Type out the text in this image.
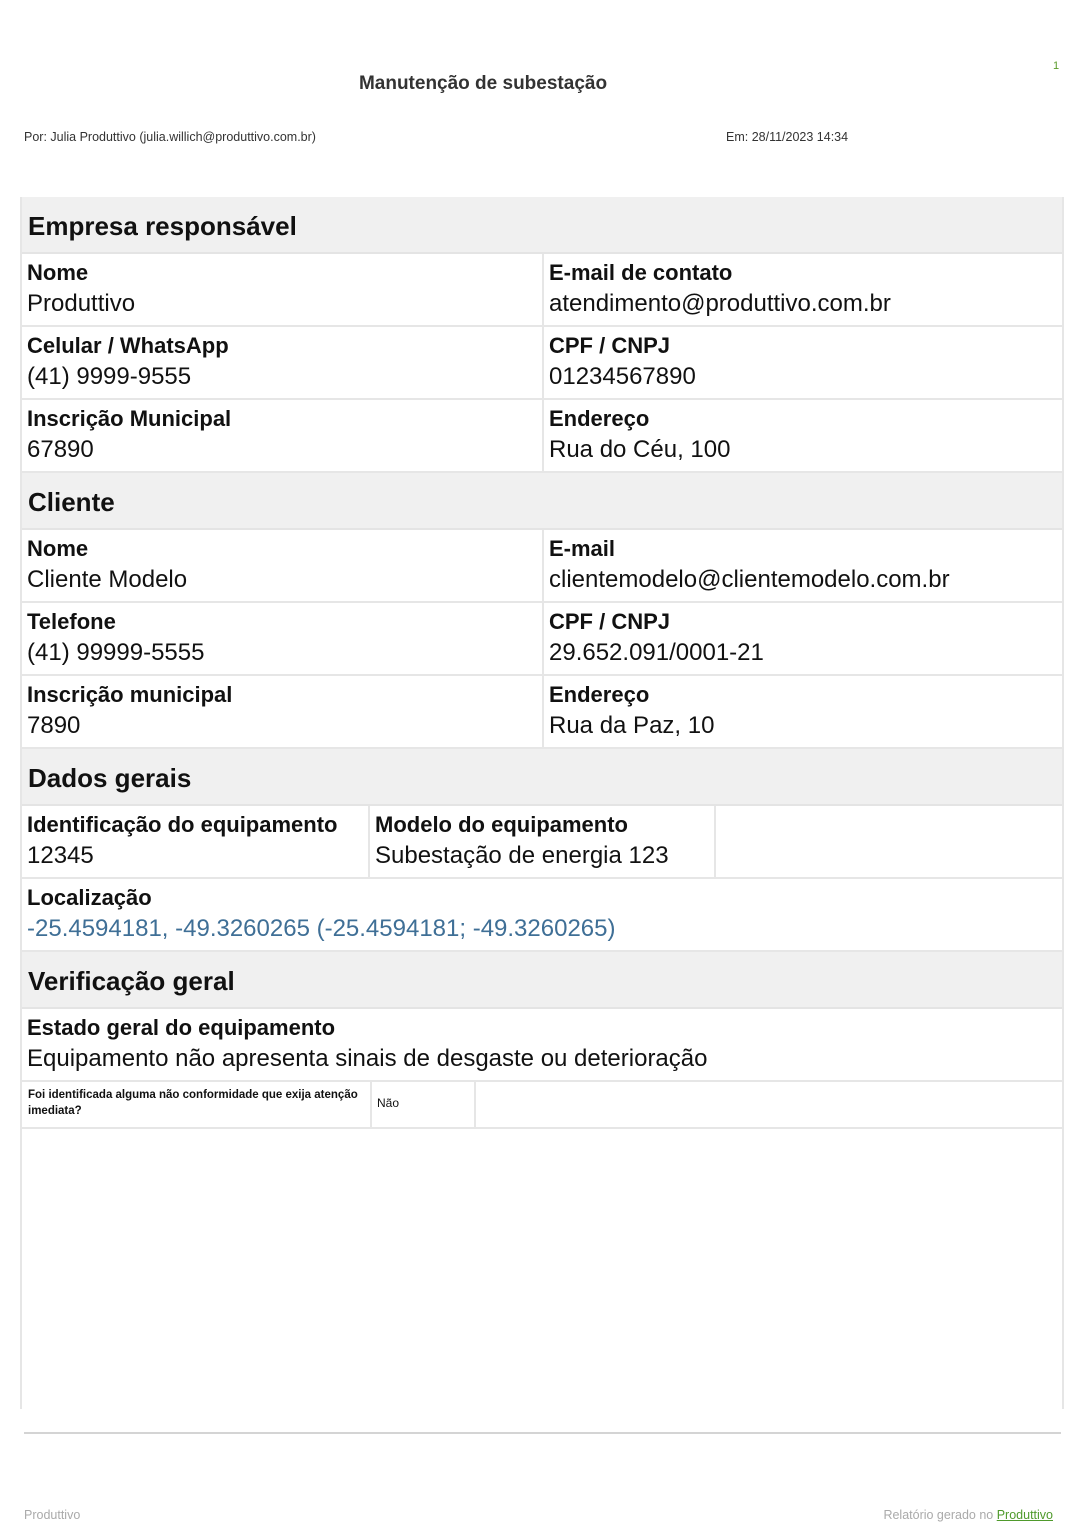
1
Manutenção de subestação
Por: Julia Produttivo (julia.willich@produttivo.com.br)	Em: 28/11/2023 14:34
Empresa responsável
Nome
Produttivo
E-mail de contato
atendimento@produttivo.com.br
Celular / WhatsApp
(41) 9999-9555
CPF / CNPJ
01234567890
Inscrição Municipal
67890
Endereço
Rua do Céu, 100
Cliente
Nome
Cliente Modelo
E-mail
clientemodelo@clientemodelo.com.br
Telefone
(41) 99999-5555
CPF / CNPJ
29.652.091/0001-21
Inscrição municipal
7890
Endereço
Rua da Paz, 10
Dados gerais
Identificação do equipamento
12345
Modelo do equipamento
Subestação de energia 123
Localização
-25.4594181, -49.3260265 (-25.4594181; -49.3260265)
Verificação geral
Estado geral do equipamento
Equipamento não apresenta sinais de desgaste ou deterioração
Foi identificada alguma não conformidade que exija atenção imediata?
Não
Produttivo	Relatório gerado no Produttivo
